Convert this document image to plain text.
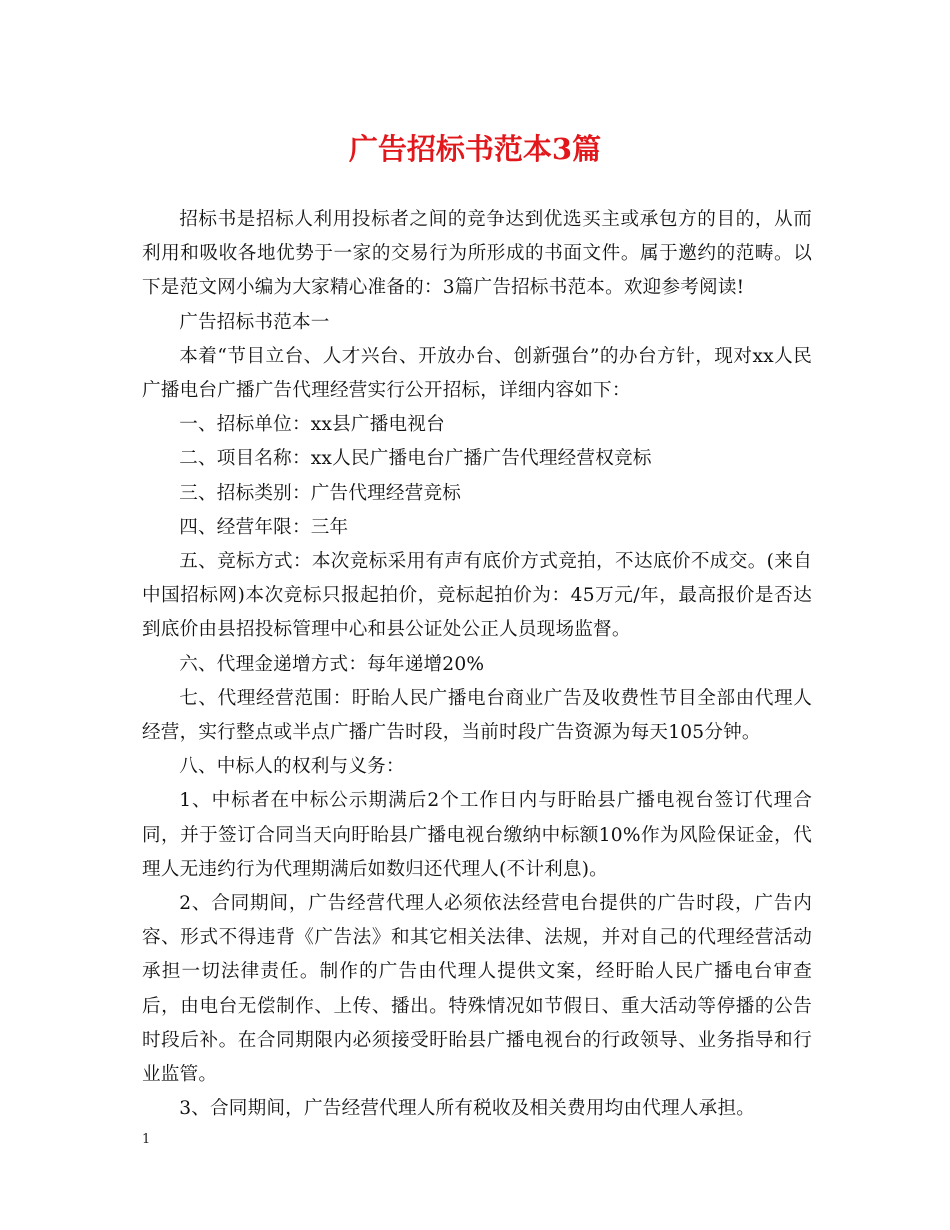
广告招标书范本3篇

招标书是招标人利用投标者之间的竞争达到优选买主或承包方的目的，从而利用和吸收各地优势于一家的交易行为所形成的书面文件。属于邀约的范畴。以下是范文网小编为大家精心准备的：3篇广告招标书范本。欢迎参考阅读!

广告招标书范本一

本着“节目立台、人才兴台、开放办台、创新强台”的办台方针，现对xx人民广播电台广播广告代理经营实行公开招标，详细内容如下：

一、招标单位：xx县广播电视台

二、项目名称：xx人民广播电台广播广告代理经营权竞标

三、招标类别：广告代理经营竞标

四、经营年限：三年

五、竞标方式：本次竞标采用有声有底价方式竞拍，不达底价不成交。(来自中国招标网)本次竞标只报起拍价，竞标起拍价为：45万元/年，最高报价是否达到底价由县招投标管理中心和县公证处公正人员现场监督。

六、代理金递增方式：每年递增20%

七、代理经营范围：盱眙人民广播电台商业广告及收费性节目全部由代理人经营，实行整点或半点广播广告时段，当前时段广告资源为每天105分钟。

八、中标人的权利与义务：

1、中标者在中标公示期满后2个工作日内与盱眙县广播电视台签订代理合同，并于签订合同当天向盱眙县广播电视台缴纳中标额10%作为风险保证金，代理人无违约行为代理期满后如数归还代理人(不计利息)。

2、合同期间，广告经营代理人必须依法经营电台提供的广告时段，广告内容、形式不得违背《广告法》和其它相关法律、法规，并对自己的代理经营活动承担一切法律责任。制作的广告由代理人提供文案，经盱眙人民广播电台审查后，由电台无偿制作、上传、播出。特殊情况如节假日、重大活动等停播的公告时段后补。在合同期限内必须接受盱眙县广播电视台的行政领导、业务指导和行业监管。

3、合同期间，广告经营代理人所有税收及相关费用均由代理人承担。

1
